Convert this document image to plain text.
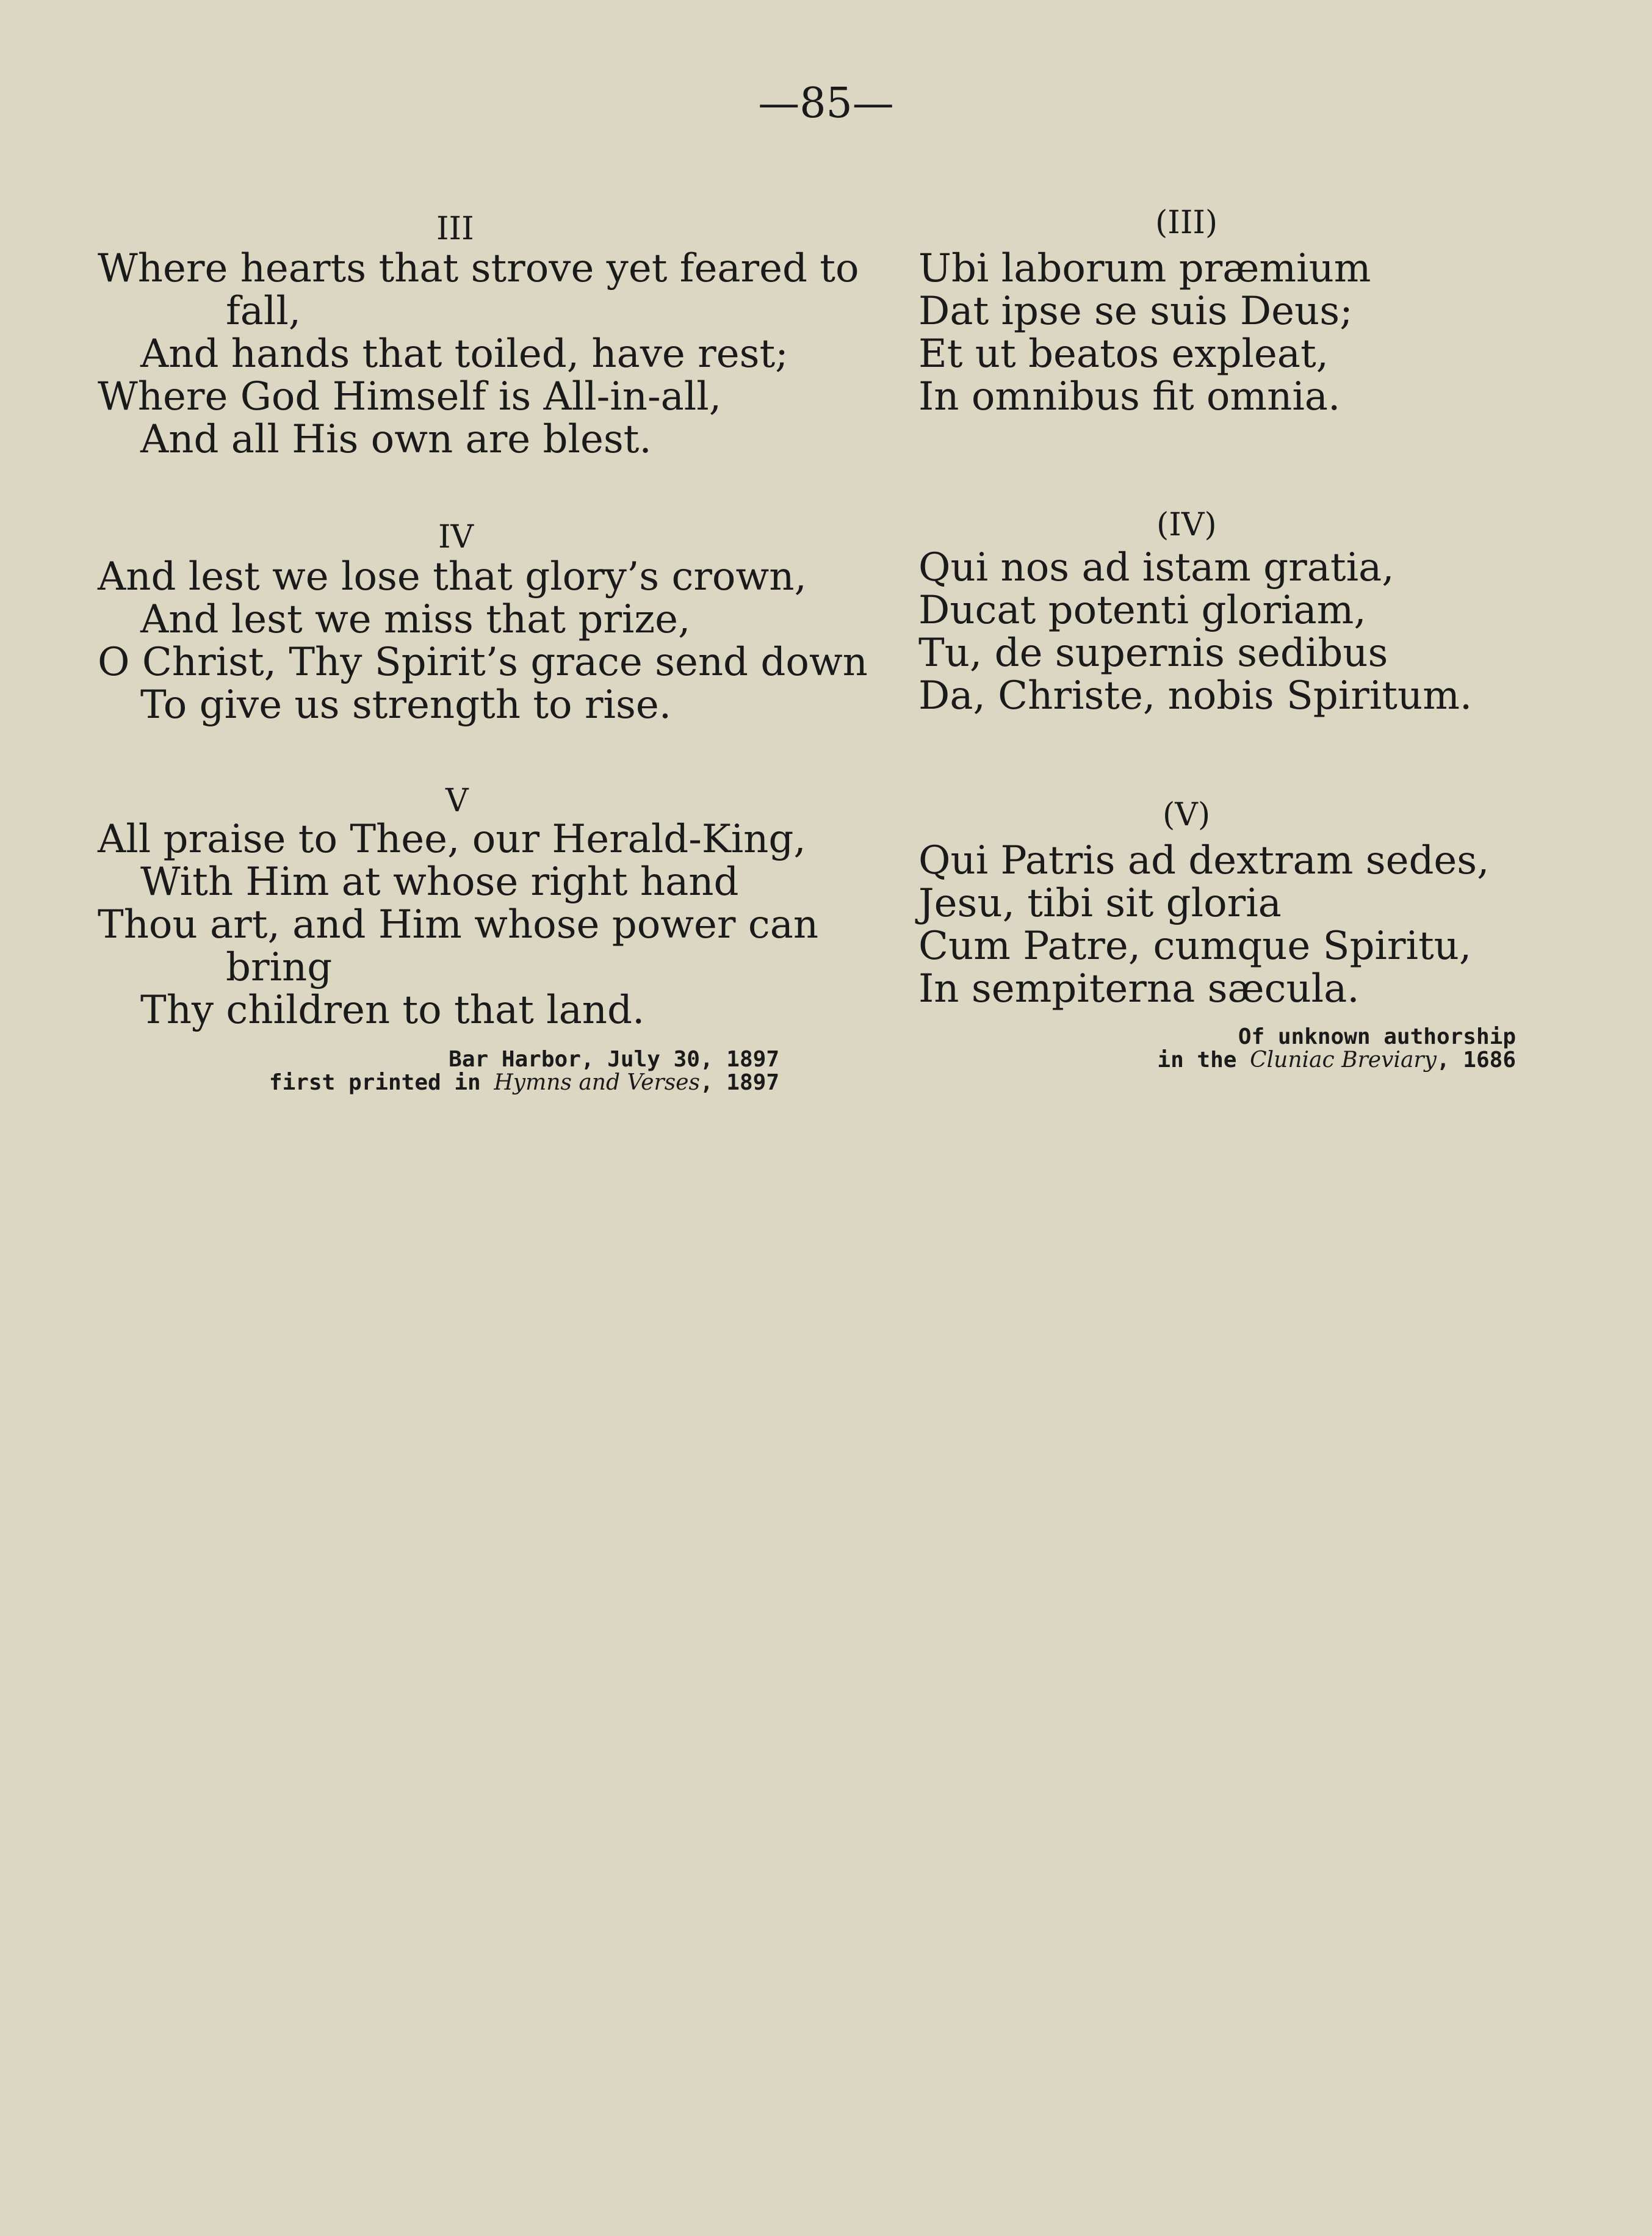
—85—
III
Where hearts that strove yet feared to
fall,
And hands that toiled, have rest;
Where God Himself is All-in-all,
And all His own are blest.
IV
And lest we lose that glory’s crown,
And lest we miss that prize,
O Christ, Thy Spirit’s grace send down
To give us strength to rise.
V
All praise to Thee, our Herald-King,
With Him at whose right hand
Thou art, and Him whose power can
bring
Thy children to that land.
Bar Harbor, July 30, 1897
first printed in Hymns and Verses, 1897
(III)
Ubi laborum præmium
Dat ipse se suis Deus;
Et ut beatos expleat,
In omnibus fit omnia.
(IV)
Qui nos ad istam gratia,
Ducat potenti gloriam,
Tu, de supernis sedibus
Da, Christe, nobis Spiritum.
(V)
Qui Patris ad dextram sedes,
Jesu, tibi sit gloria
Cum Patre, cumque Spiritu,
In sempiterna sæcula.
Of unknown authorship
in the Cluniac Breviary, 1686
